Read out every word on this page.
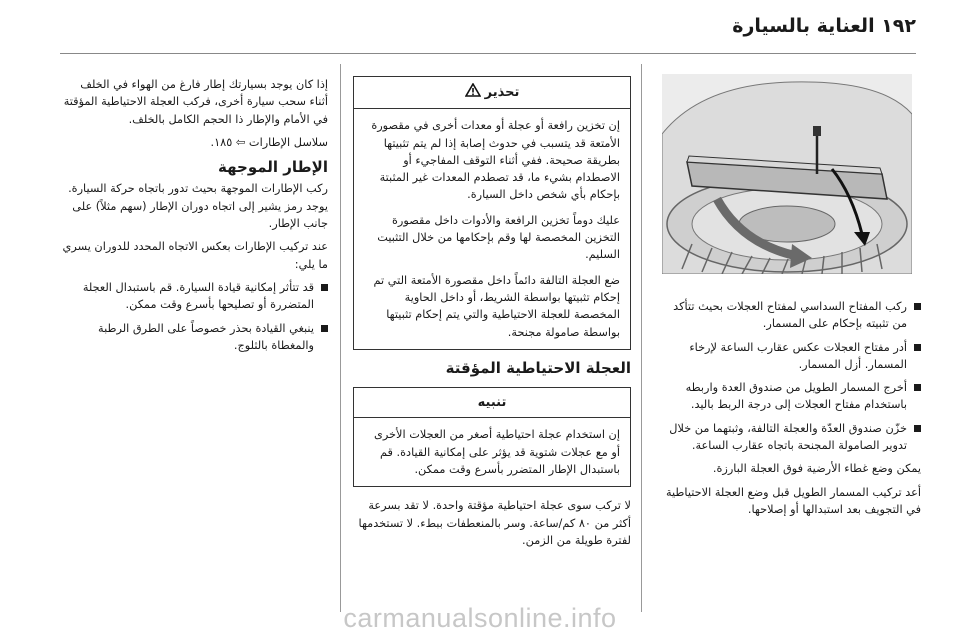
١٩٢ العناية بالسيارة
ركب المفتاح السداسي لمفتاح العجلات بحيث تتأكد من تثبيته بإحكام على المسمار.
أدر مفتاح العجلات عكس عقارب الساعة لإرخاء المسمار. أزل المسمار.
أخرج المسمار الطويل من صندوق العدة واربطه باستخدام مفتاح العجلات إلى درجة الربط باليد.
خزّن صندوق العدّة والعجلة التالفة، وثبتهما من خلال تدوير الصامولة المجنحة باتجاه عقارب الساعة.

يمكن وضع غطاء الأرضية فوق العجلة البارزة.

أعد تركيب المسمار الطويل قبل وضع العجلة الاحتياطية في التجويف بعد استبدالها أو إصلاحها.

تحذير

إن تخزين رافعة أو عجلة أو معدات أخرى في مقصورة الأمتعة قد يتسبب في حدوث إصابة إذا لم يتم تثبيتها بطريقة صحيحة. ففي أثناء التوقف المفاجيء أو الاصطدام بشيء ما، قد تصطدم المعدات غير المثبتة بإحكام بأي شخص داخل السيارة.

عليك دوماً تخزين الرافعة والأدوات داخل مقصورة التخزين المخصصة لها وقم بإحكامها من خلال التثبيت السليم.

ضع العجلة التالفة دائماً داخل مقصورة الأمتعة التي تم إحكام تثبيتها بواسطة الشريط، أو داخل الحاوية المخصصة للعجلة الاحتياطية والتي يتم إحكام تثبيتها بواسطة صامولة مجنحة.

العجلة الاحتياطية المؤقتة
تنبيه

إن استخدام عجلة احتياطية أصغر من العجلات الأخرى أو مع عجلات شتوية قد يؤثر على إمكانية القيادة. قم باستبدال الإطار المتضرر بأسرع وقت ممكن.

لا تركب سوى عجلة احتياطية مؤقتة واحدة. لا تقد بسرعة أكثر من ٨٠ كم/ساعة. وسر بالمنعطفات ببطء. لا تستخدمها لفترة طويلة من الزمن.

إذا كان يوجد بسيارتك إطار فارغ من الهواء في الخلف أثناء سحب سيارة أخرى، فركب العجلة الاحتياطية المؤقتة في الأمام والإطار ذا الحجم الكامل بالخلف.

سلاسل الإطارات ⇦ ١٨٥.

الإطار الموجهة

ركب الإطارات الموجهة بحيث تدور باتجاه حركة السيارة. يوجد رمز يشير إلى اتجاه دوران الإطار (سهم مثلاً) على جانب الإطار.

عند تركيب الإطارات بعكس الاتجاه المحدد للدوران يسري ما يلي:

قد تتأثر إمكانية قيادة السيارة. قم باستبدال العجلة المتضررة أو تصليحها بأسرع وقت ممكن.
ينبغي القيادة بحذر خصوصاً على الطرق الرطبة والمغطاة بالثلوج.
carmanualsonline.info
